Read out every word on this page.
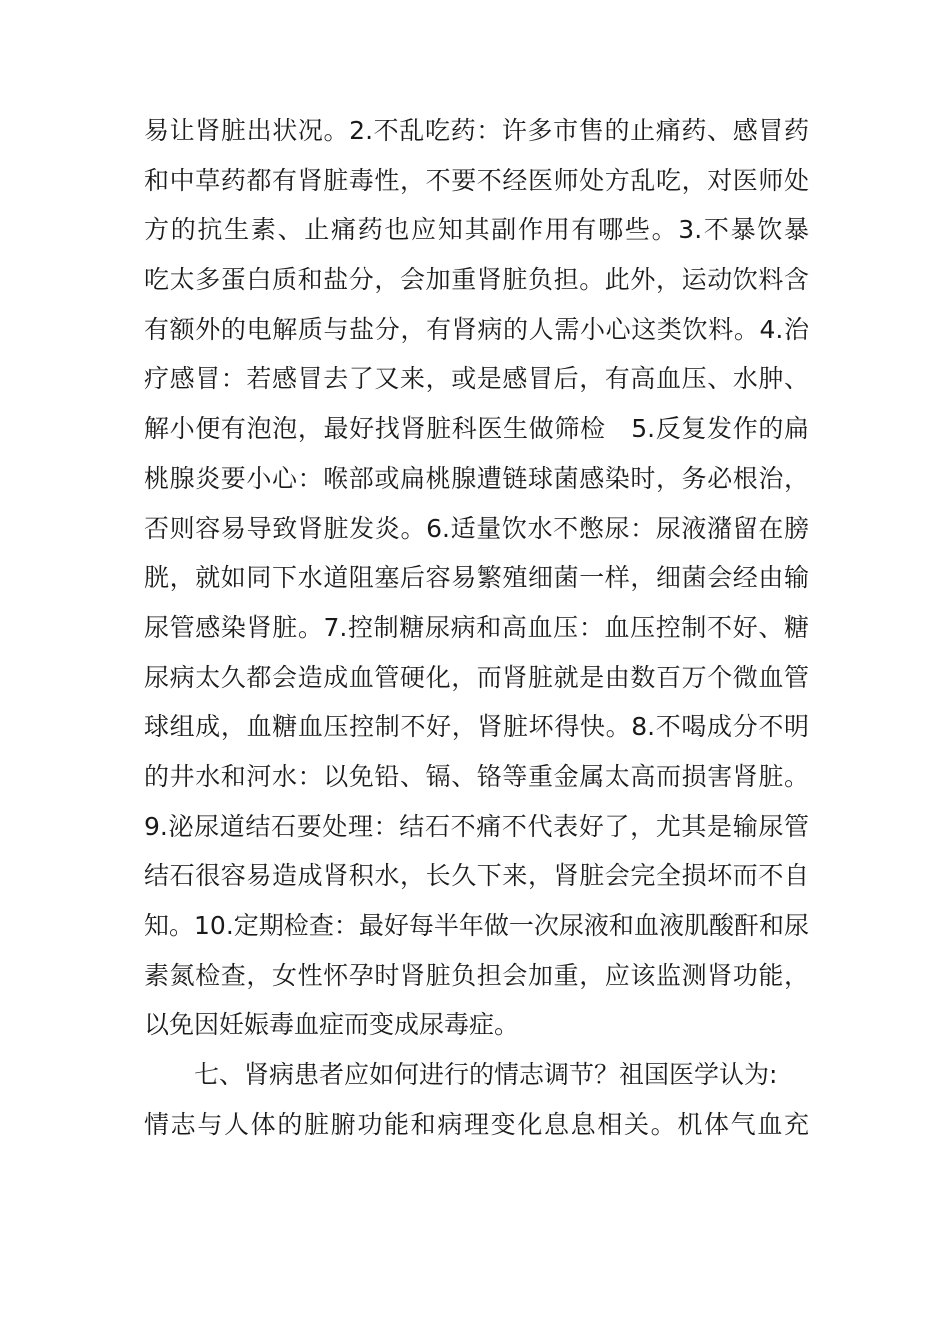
易让肾脏出状况。2.不乱吃药：许多市售的止痛药、感冒药
和中草药都有肾脏毒性，不要不经医师处方乱吃，对医师处
方的抗生素、止痛药也应知其副作用有哪些。3.不暴饮暴
吃太多蛋白质和盐分，会加重肾脏负担。此外，运动饮料含
有额外的电解质与盐分，有肾病的人需小心这类饮料。4.治
疗感冒：若感冒去了又来，或是感冒后，有高血压、水肿、
解小便有泡泡，最好找肾脏科医生做筛检　5.反复发作的扁
桃腺炎要小心：喉部或扁桃腺遭链球菌感染时，务必根治，
否则容易导致肾脏发炎。6.适量饮水不憋尿：尿液潴留在膀
胱，就如同下水道阻塞后容易繁殖细菌一样，细菌会经由输
尿管感染肾脏。7.控制糖尿病和高血压：血压控制不好、糖
尿病太久都会造成血管硬化，而肾脏就是由数百万个微血管
球组成，血糖血压控制不好，肾脏坏得快。8.不喝成分不明
的井水和河水：以免铅、镉、铬等重金属太高而损害肾脏。
9.泌尿道结石要处理：结石不痛不代表好了，尤其是输尿管
结石很容易造成肾积水，长久下来，肾脏会完全损坏而不自
知。10.定期检查：最好每半年做一次尿液和血液肌酸酐和尿
素氮检查，女性怀孕时肾脏负担会加重，应该监测肾功能，
以免因妊娠毒血症而变成尿毒症。
七、肾病患者应如何进行的情志调节？祖国医学认为:
情志与人体的脏腑功能和病理变化息息相关。机体气血充
